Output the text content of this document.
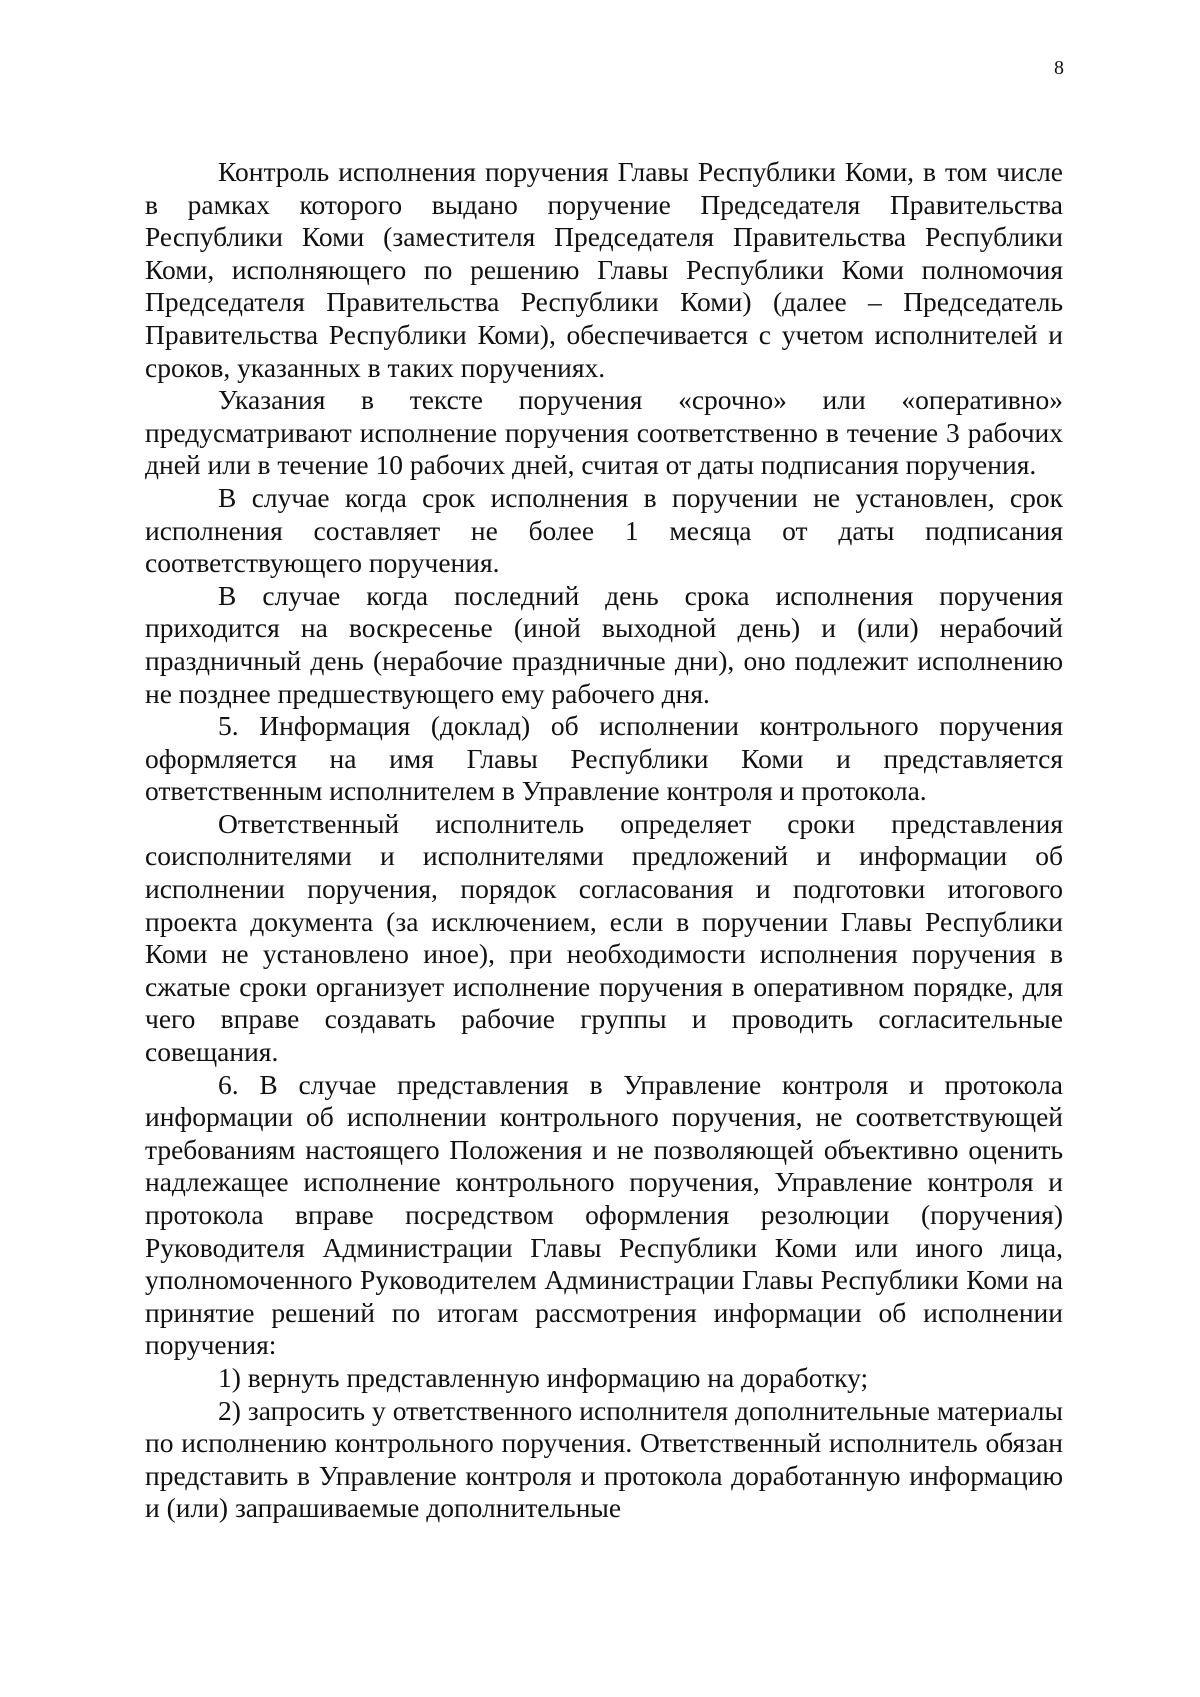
8

Контроль исполнения поручения Главы Республики Коми, в том числе в рамках которого выдано поручение Председателя Правительства Республики Коми (заместителя Председателя Правительства Республики Коми, исполняющего по решению Главы Республики Коми полномочия Председателя Правительства Республики Коми) (далее – Председатель Правительства Республики Коми), обеспечивается с учетом исполнителей и сроков, указанных в таких поручениях.

Указания в тексте поручения «срочно» или «оперативно» предусматривают исполнение поручения соответственно в течение 3 рабочих дней или в течение 10 рабочих дней, считая от даты подписания поручения.

В случае когда срок исполнения в поручении не установлен, срок исполнения составляет не более 1 месяца от даты подписания соответствующего поручения.

В случае когда последний день срока исполнения поручения приходится на воскресенье (иной выходной день) и (или) нерабочий праздничный день (нерабочие праздничные дни), оно подлежит исполнению не позднее предшествующего ему рабочего дня.

5. Информация (доклад) об исполнении контрольного поручения оформляется на имя Главы Республики Коми и представляется ответственным исполнителем в Управление контроля и протокола.

Ответственный исполнитель определяет сроки представления соисполнителями и исполнителями предложений и информации об исполнении поручения, порядок согласования и подготовки итогового проекта документа (за исключением, если в поручении Главы Республики Коми не установлено иное), при необходимости исполнения поручения в сжатые сроки организует исполнение поручения в оперативном порядке, для чего вправе создавать рабочие группы и проводить согласительные совещания.

6. В случае представления в Управление контроля и протокола информации об исполнении контрольного поручения, не соответствующей требованиям настоящего Положения и не позволяющей объективно оценить надлежащее исполнение контрольного поручения, Управление контроля и протокола вправе посредством оформления резолюции (поручения) Руководителя Администрации Главы Республики Коми или иного лица, уполномоченного Руководителем Администрации Главы Республики Коми на принятие решений по итогам рассмотрения информации об исполнении поручения:

1) вернуть представленную информацию на доработку;

2) запросить у ответственного исполнителя дополнительные материалы по исполнению контрольного поручения. Ответственный исполнитель обязан представить в Управление контроля и протокола доработанную информацию и (или) запрашиваемые дополнительные
